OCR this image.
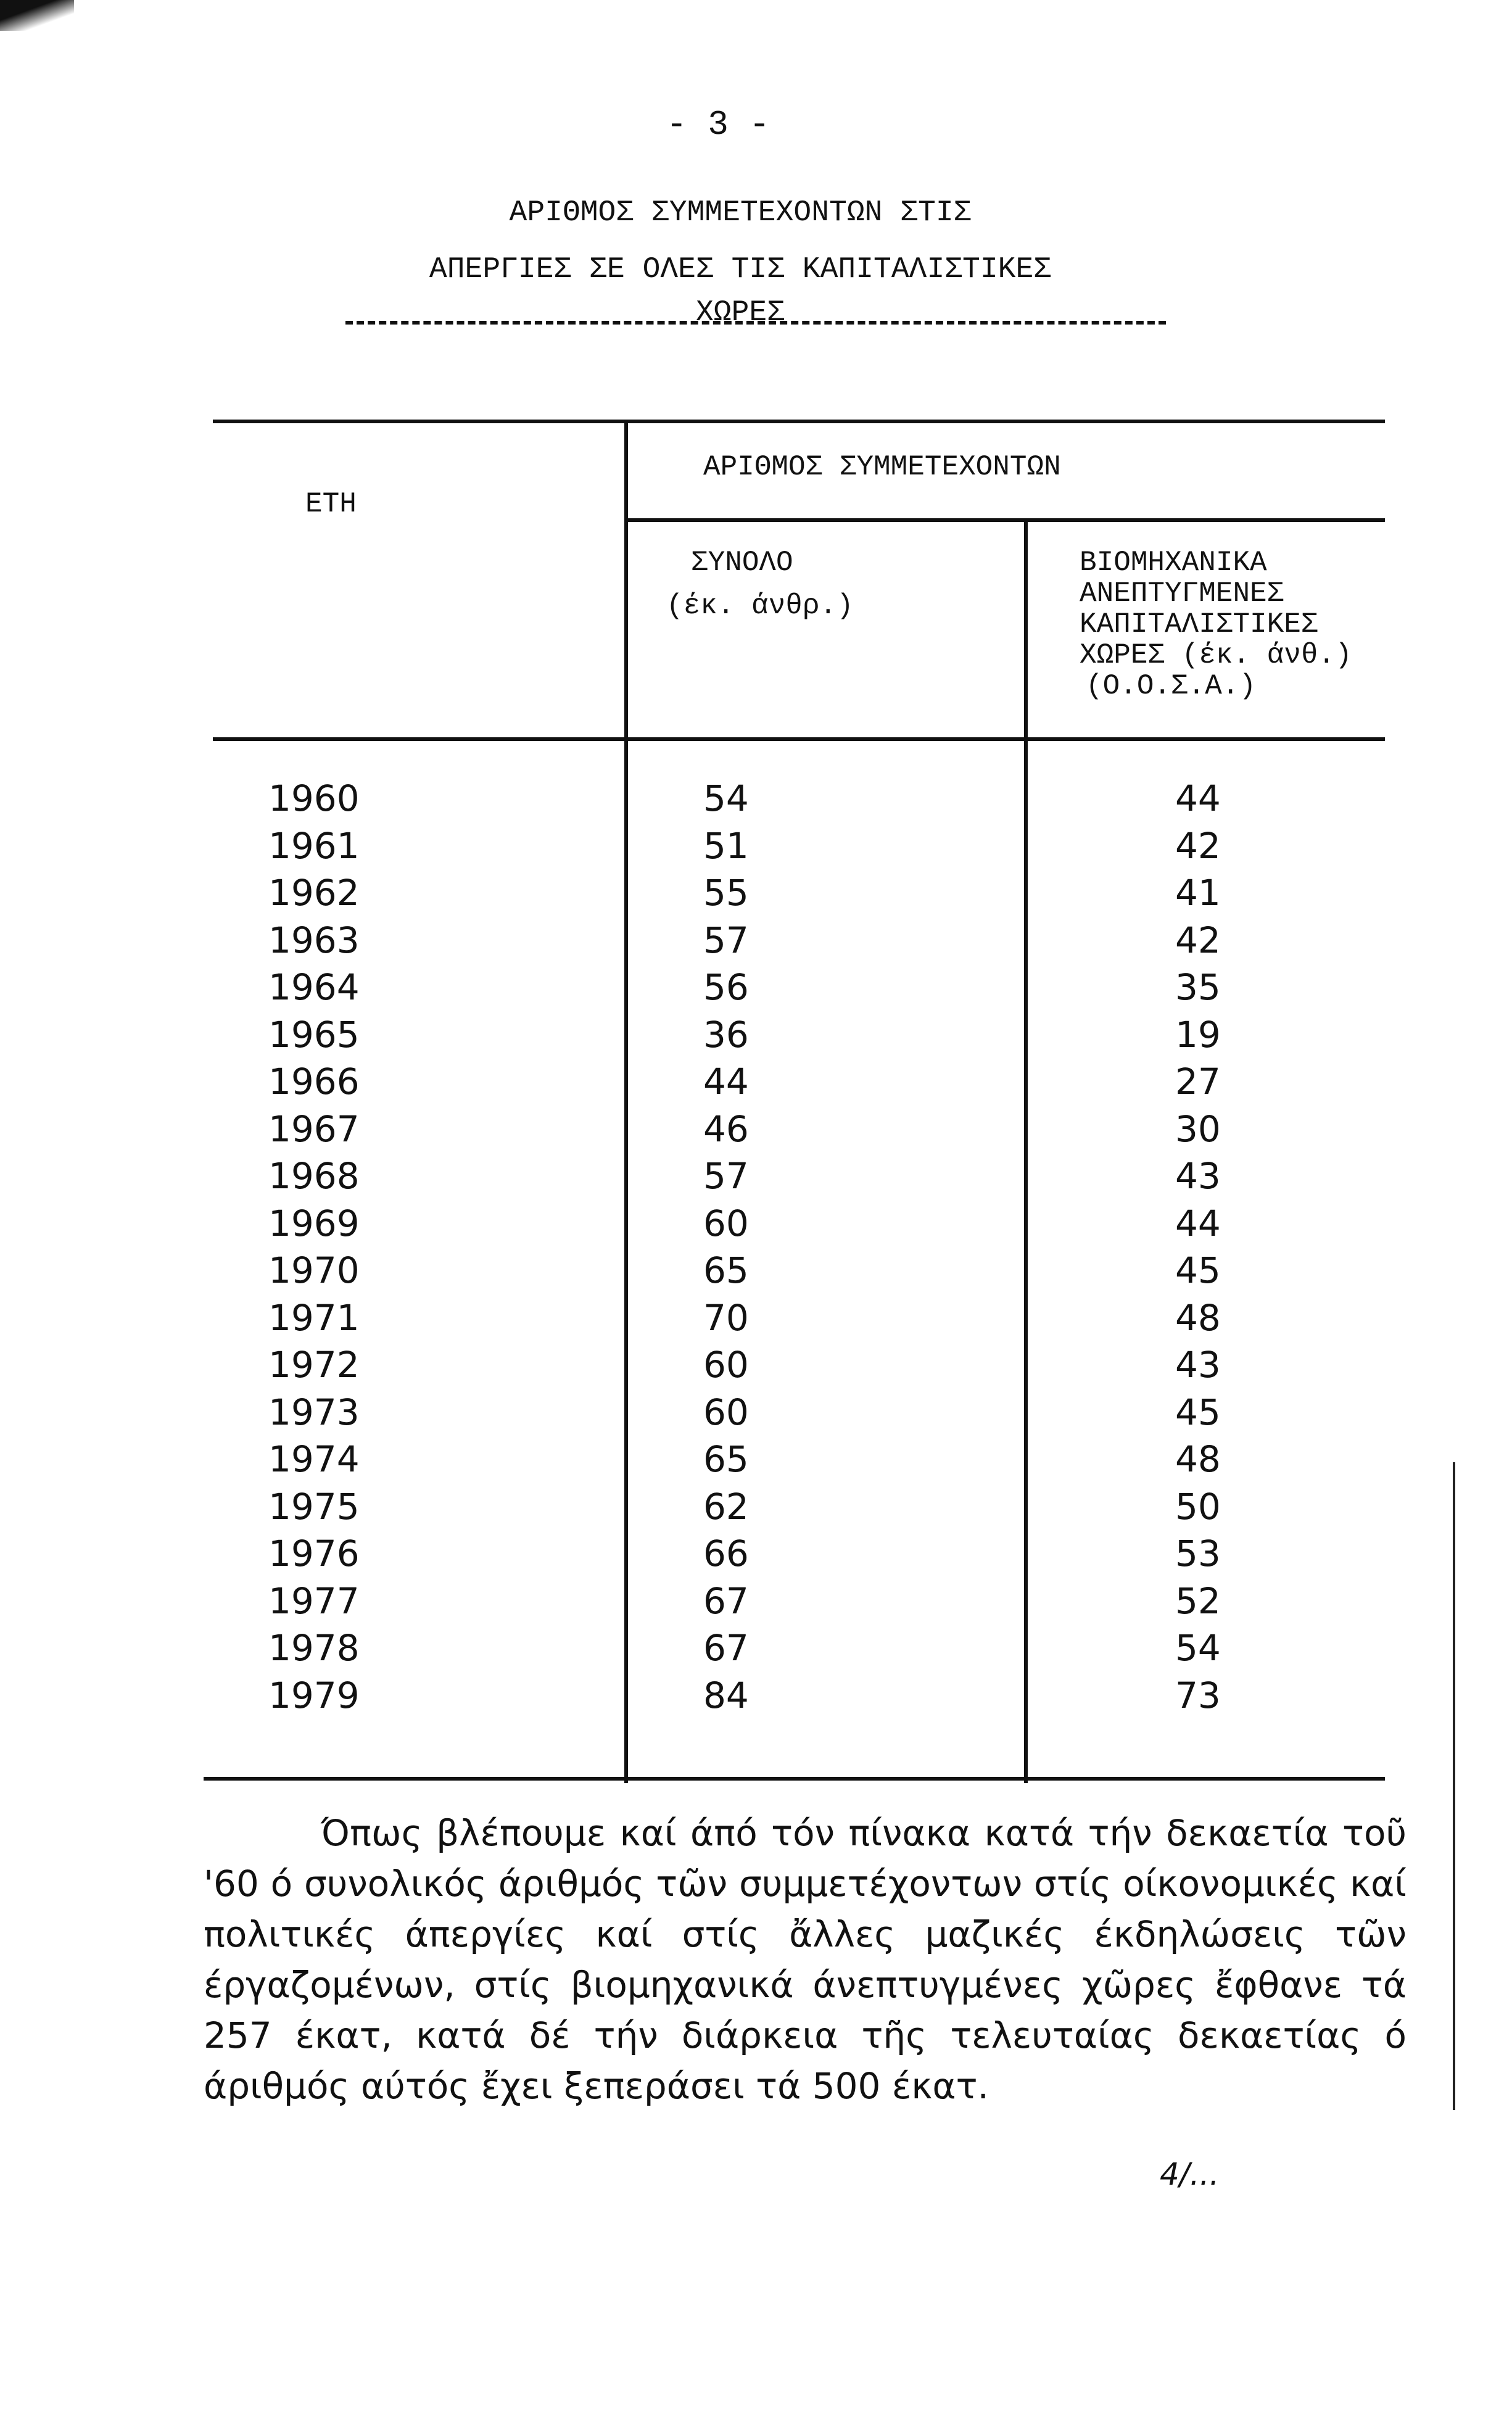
- 3 -
ΑΡΙΘΜΟΣ ΣΥΜΜΕΤΕΧΟΝΤΩΝ ΣΤΙΣ
ΑΠΕΡΓΙΕΣ ΣΕ ΟΛΕΣ ΤΙΣ ΚΑΠΙΤΑΛΙΣΤΙΚΕΣ
ΧΩΡΕΣ
ΕΤΗ
ΑΡΙΘΜΟΣ ΣΥΜΜΕΤΕΧΟΝΤΩΝ
ΣΥΝΟΛΟ
(έκ. άνθρ.)
ΒΙΟΜΗΧΑΝΙΚΑ
ΑΝΕΠΤΥΓΜΕΝΕΣ
ΚΑΠΙΤΑΛΙΣΤΙΚΕΣ
ΧΩΡΕΣ (έκ. άνθ.)
(Ο.Ο.Σ.Α.)
1960	54	44
1961	51	42
1962	55	41
1963	57	42
1964	56	35
1965	36	19
1966	44	27
1967	46	30
1968	57	43
1969	60	44
1970	65	45
1971	70	48
1972	60	43
1973	60	45
1974	65	48
1975	62	50
1976	66	53
1977	67	52
1978	67	54
1979	84	73
Όπως βλέπουμε καί άπό τόν πίνακα κατά τήν δεκαετία τοῦ '60 ό συνολικός άριθμός τῶν συμμετέχοντων στίς οίκονομικές καί πολιτικές άπεργίες καί στίς ἄλλες μαζικές έκδηλώσεις τῶν έργαζομένων, στίς βιομηχανικά άνεπτυγμένες χῶρες ἔφθανε τά 257 έκατ, κατά δέ τήν διάρκεια τῆς τελευταίας δεκαετίας ό άριθμός αύτός ἔχει ξεπεράσει τά 500 έκατ.
4/...
